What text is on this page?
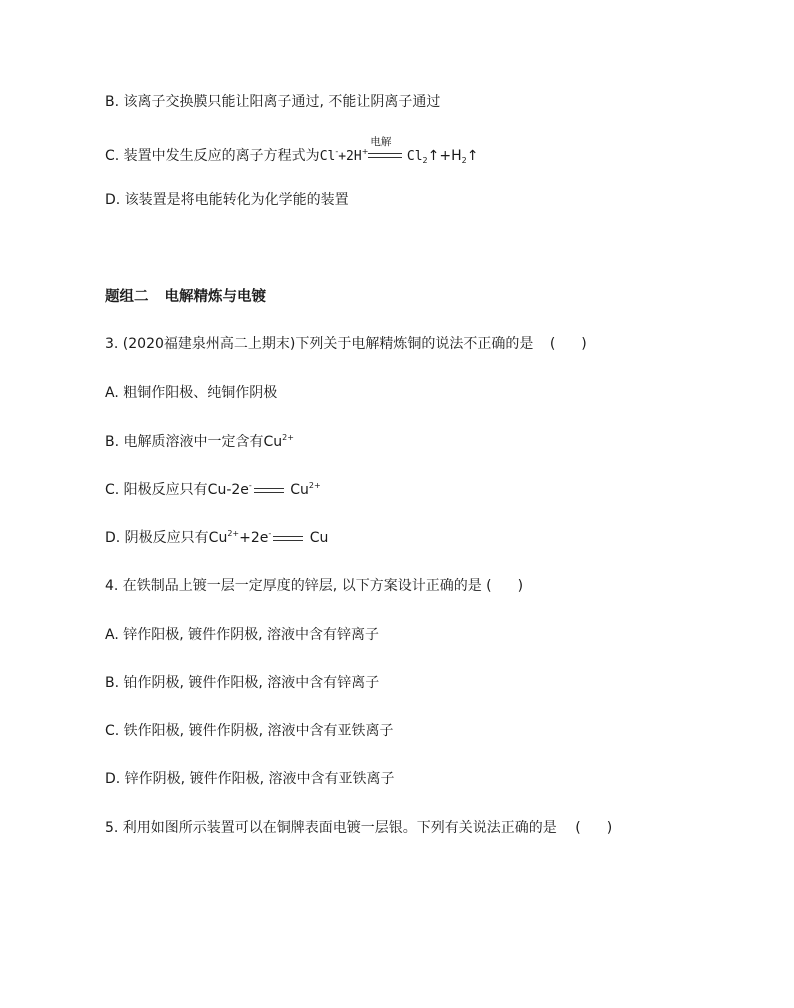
B. 该离子交换膜只能让阳离子通过, 不能让阴离子通过
C. 装置中发生反应的离子方程式为Cl-+2H+
电解
$Cl_2↑+H_2↑$
D. 该装置是将电能转化为化学能的装置
题组二 电解精炼与电镀
3. (2020福建泉州高二上期末)下列关于电解精炼铜的说法不正确的是 ( )
A. 粗铜作阳极、纯铜作阴极
B. 电解质溶液中一定含有$Cu^{2+}$
C. 阳极反应只有Cu-2e-	$Cu^{2+}$
D. 阴极反应只有$Cu^{2+}+2e^-$	Cu
4. 在铁制品上镀一层一定厚度的锌层, 以下方案设计正确的是 ( )
A. 锌作阳极, 镀件作阴极, 溶液中含有锌离子
B. 铂作阴极, 镀件作阳极, 溶液中含有锌离子
C. 铁作阳极, 镀件作阴极, 溶液中含有亚铁离子
D. 锌作阴极, 镀件作阳极, 溶液中含有亚铁离子
5. 利用如图所示装置可以在铜牌表面电镀一层银。下列有关说法正确的是 ( )
